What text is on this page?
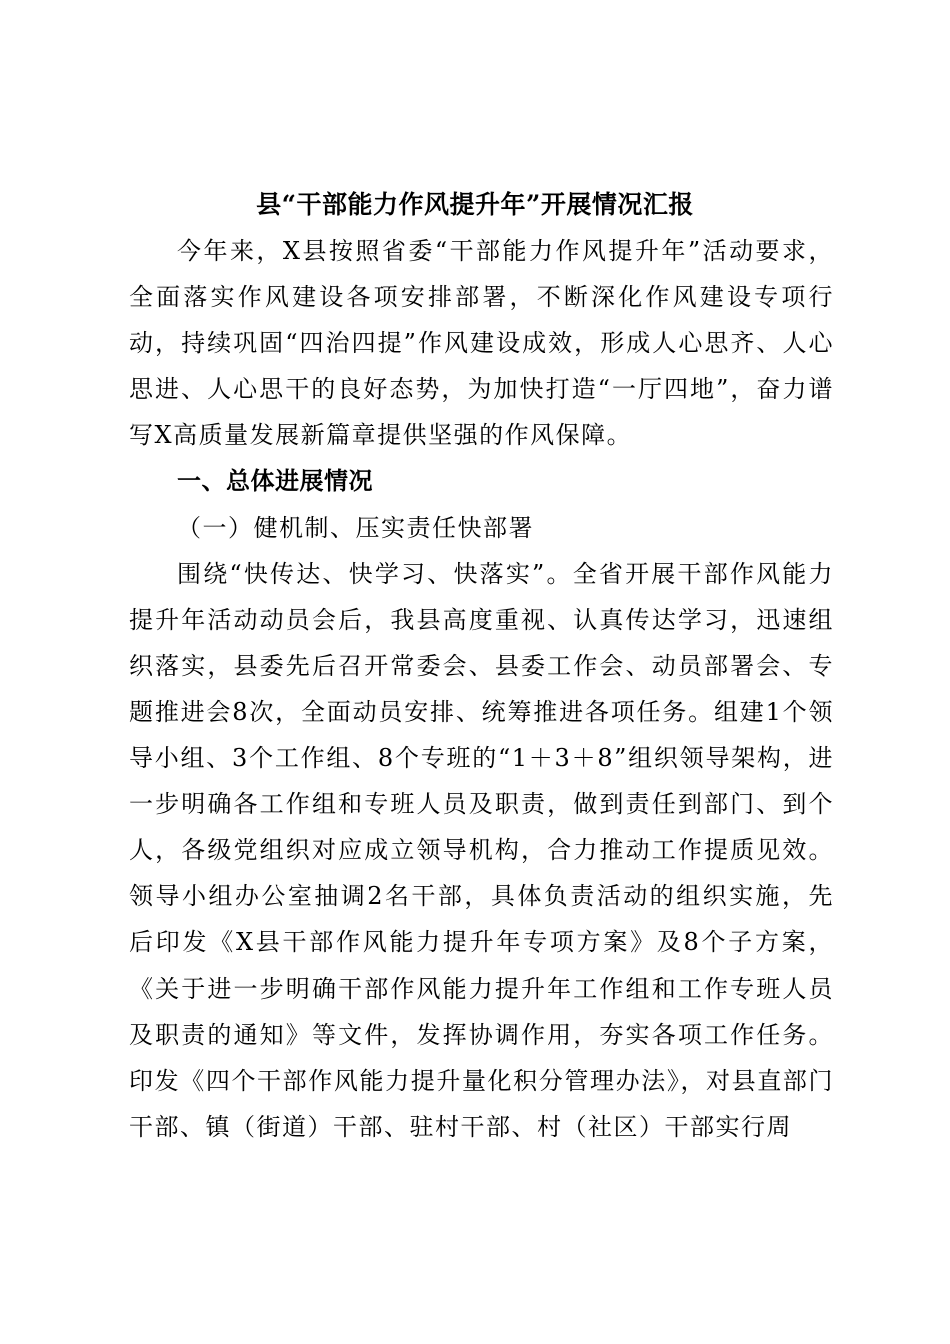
县“干部能力作风提升年”开展情况汇报

今年来，X县按照省委“干部能力作风提升年”活动要求，全面落实作风建设各项安排部署，不断深化作风建设专项行动，持续巩固“四治四提”作风建设成效，形成人心思齐、人心思进、人心思干的良好态势，为加快打造“一厅四地”，奋力谱写X高质量发展新篇章提供坚强的作风保障。

一、总体进展情况

（一）健机制、压实责任快部署

围绕“快传达、快学习、快落实”。全省开展干部作风能力提升年活动动员会后，我县高度重视、认真传达学习，迅速组织落实，县委先后召开常委会、县委工作会、动员部署会、专题推进会8次，全面动员安排、统筹推进各项任务。组建1个领导小组、3个工作组、8个专班的“1＋3＋8”组织领导架构，进一步明确各工作组和专班人员及职责，做到责任到部门、到个人，各级党组织对应成立领导机构，合力推动工作提质见效。领导小组办公室抽调2名干部，具体负责活动的组织实施，先后印发《X县干部作风能力提升年专项方案》及8个子方案，《关于进一步明确干部作风能力提升年工作组和工作专班人员及职责的通知》等文件，发挥协调作用，夯实各项工作任务。印发《四个干部作风能力提升量化积分管理办法》，对县直部门干部、镇（街道）干部、驻村干部、村（社区）干部实行周
